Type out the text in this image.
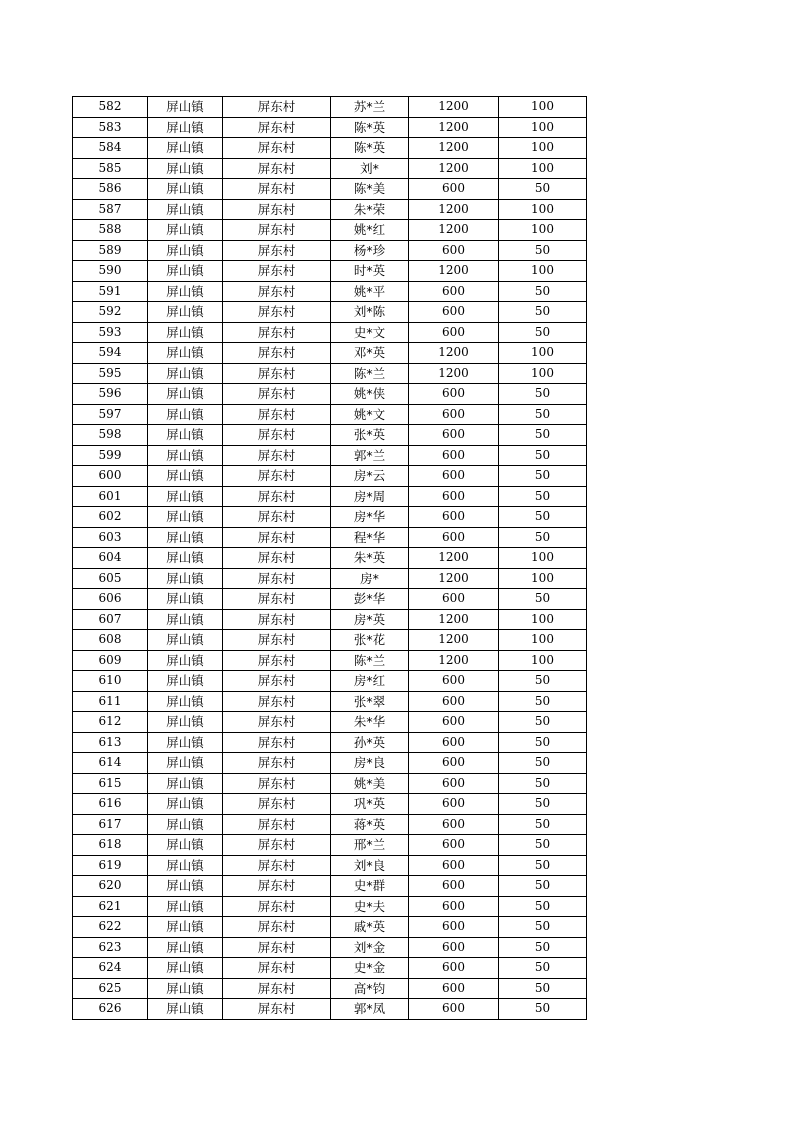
582	屏山镇	屏东村	苏*兰	1200	100
583	屏山镇	屏东村	陈*英	1200	100
584	屏山镇	屏东村	陈*英	1200	100
585	屏山镇	屏东村	刘*	1200	100
586	屏山镇	屏东村	陈*美	600	50
587	屏山镇	屏东村	朱*荣	1200	100
588	屏山镇	屏东村	姚*红	1200	100
589	屏山镇	屏东村	杨*珍	600	50
590	屏山镇	屏东村	时*英	1200	100
591	屏山镇	屏东村	姚*平	600	50
592	屏山镇	屏东村	刘*陈	600	50
593	屏山镇	屏东村	史*文	600	50
594	屏山镇	屏东村	邓*英	1200	100
595	屏山镇	屏东村	陈*兰	1200	100
596	屏山镇	屏东村	姚*侠	600	50
597	屏山镇	屏东村	姚*文	600	50
598	屏山镇	屏东村	张*英	600	50
599	屏山镇	屏东村	郭*兰	600	50
600	屏山镇	屏东村	房*云	600	50
601	屏山镇	屏东村	房*周	600	50
602	屏山镇	屏东村	房*华	600	50
603	屏山镇	屏东村	程*华	600	50
604	屏山镇	屏东村	朱*英	1200	100
605	屏山镇	屏东村	房*	1200	100
606	屏山镇	屏东村	彭*华	600	50
607	屏山镇	屏东村	房*英	1200	100
608	屏山镇	屏东村	张*花	1200	100
609	屏山镇	屏东村	陈*兰	1200	100
610	屏山镇	屏东村	房*红	600	50
611	屏山镇	屏东村	张*翠	600	50
612	屏山镇	屏东村	朱*华	600	50
613	屏山镇	屏东村	孙*英	600	50
614	屏山镇	屏东村	房*良	600	50
615	屏山镇	屏东村	姚*美	600	50
616	屏山镇	屏东村	巩*英	600	50
617	屏山镇	屏东村	蒋*英	600	50
618	屏山镇	屏东村	邢*兰	600	50
619	屏山镇	屏东村	刘*良	600	50
620	屏山镇	屏东村	史*群	600	50
621	屏山镇	屏东村	史*夫	600	50
622	屏山镇	屏东村	戚*英	600	50
623	屏山镇	屏东村	刘*金	600	50
624	屏山镇	屏东村	史*金	600	50
625	屏山镇	屏东村	高*钧	600	50
626	屏山镇	屏东村	郭*凤	600	50
